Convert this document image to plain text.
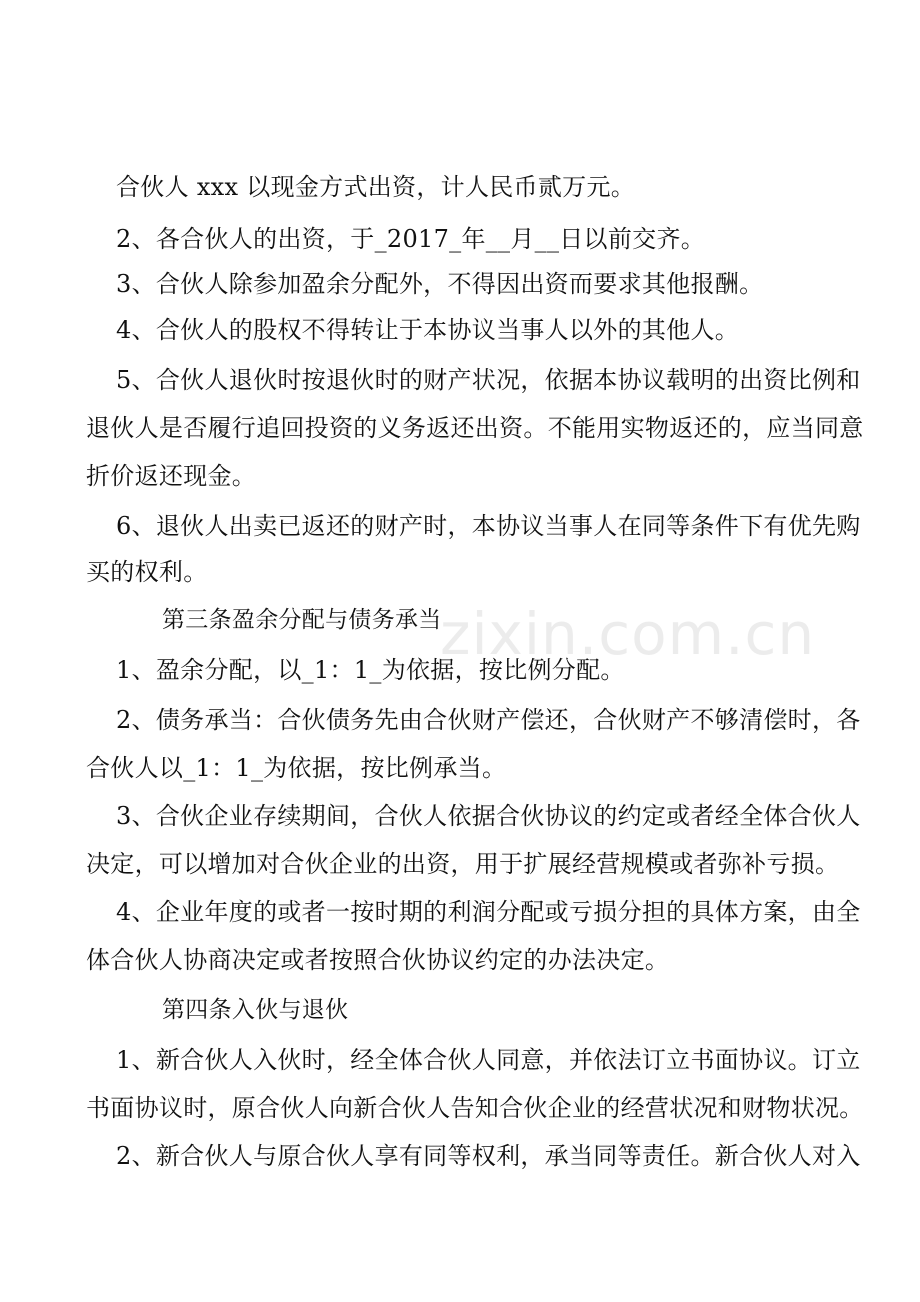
合伙人 xxx 以现金方式出资，计人民币贰万元。
2、各合伙人的出资，于_2017_年__月__日以前交齐。
3、合伙人除参加盈余分配外，不得因出资而要求其他报酬。
4、合伙人的股权不得转让于本协议当事人以外的其他人。
5、合伙人退伙时按退伙时的财产状况，依据本协议载明的出资比例和
退伙人是否履行追回投资的义务返还出资。不能用实物返还的，应当同意
折价返还现金。
6、退伙人出卖已返还的财产时，本协议当事人在同等条件下有优先购
买的权利。
第三条盈余分配与债务承当
1、盈余分配，以_1：1_为依据，按比例分配。
2、债务承当：合伙债务先由合伙财产偿还，合伙财产不够清偿时，各
合伙人以_1：1_为依据，按比例承当。
3、合伙企业存续期间，合伙人依据合伙协议的约定或者经全体合伙人
决定，可以增加对合伙企业的出资，用于扩展经营规模或者弥补亏损。
4、企业年度的或者一按时期的利润分配或亏损分担的具体方案，由全
体合伙人协商决定或者按照合伙协议约定的办法决定。
第四条入伙与退伙
1、新合伙人入伙时，经全体合伙人同意，并依法订立书面协议。订立
书面协议时，原合伙人向新合伙人告知合伙企业的经营状况和财物状况。
2、新合伙人与原合伙人享有同等权利，承当同等责任。新合伙人对入
zixin.com.cn
